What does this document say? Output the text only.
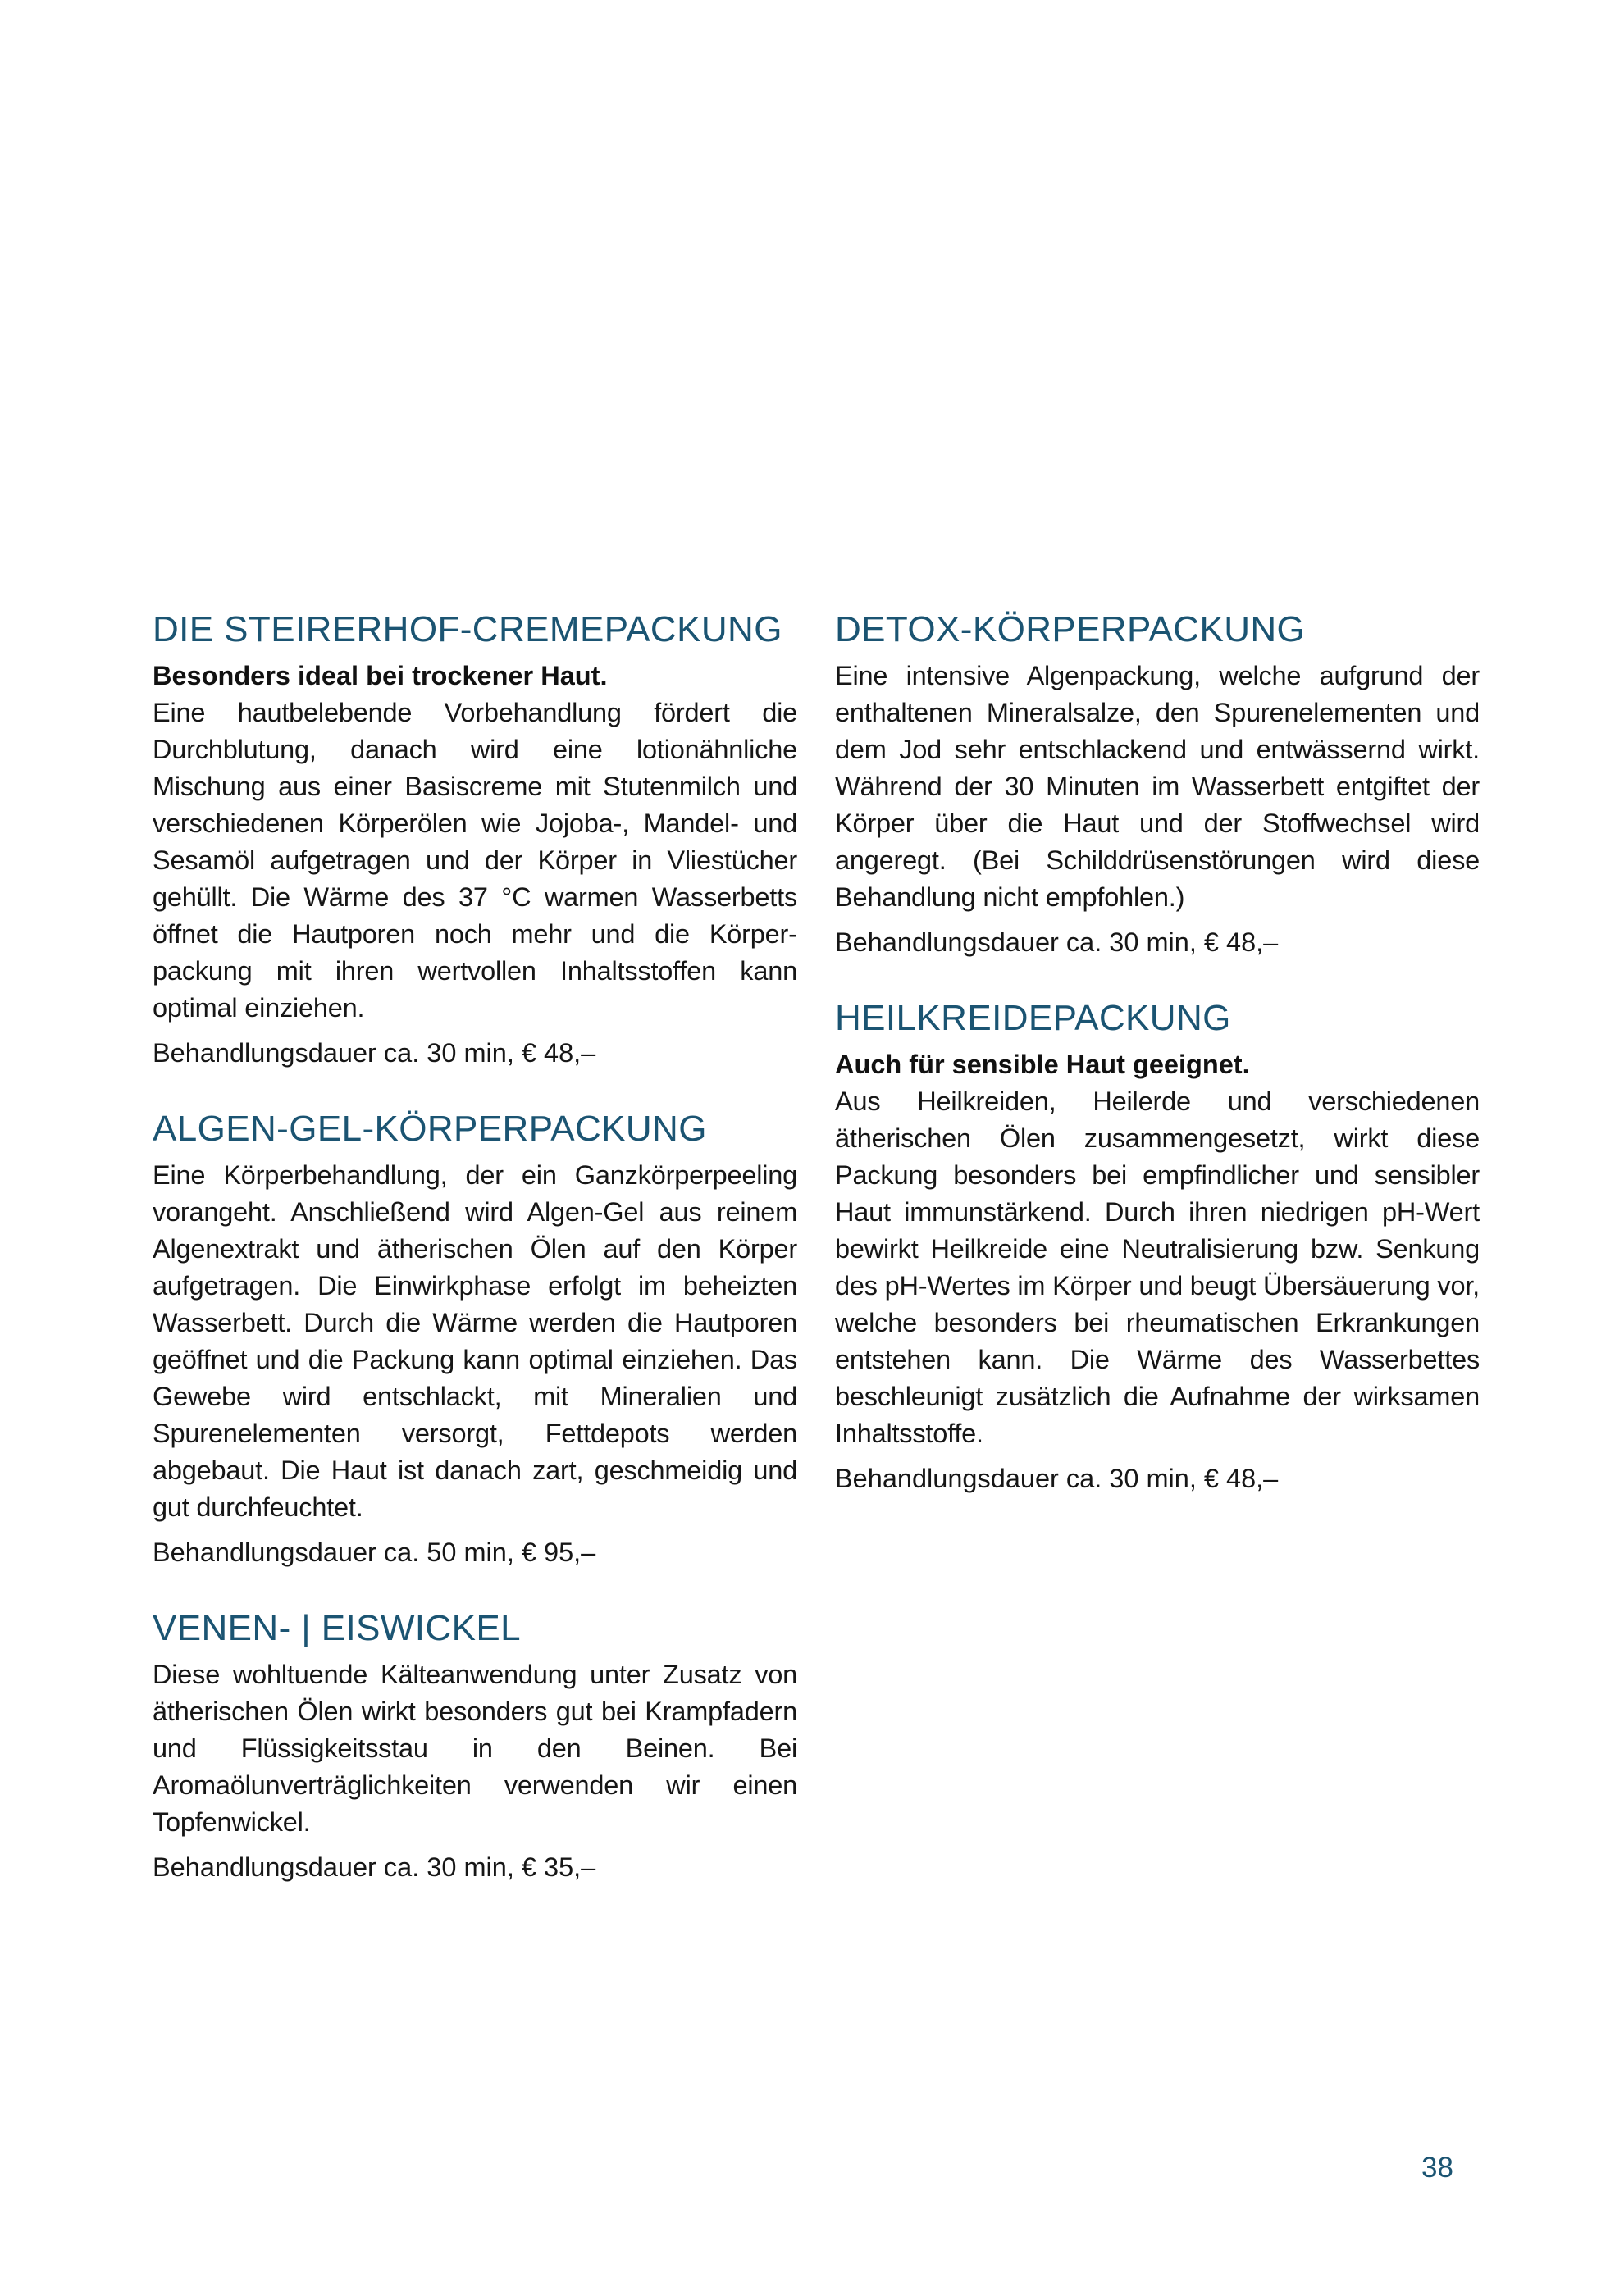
DIE STEIRERHOF-CREMEPACKUNG
Besonders ideal bei trockener Haut.
Eine hautbelebende Vorbehandlung fördert die Durchblutung, danach wird eine lotionähnliche Mischung aus einer Basiscreme mit Stutenmilch und verschiedenen Körperölen wie Jojoba-, Mandel- und Sesamöl aufgetragen und der Körper in Vliestücher gehüllt. Die Wärme des 37 °C warmen Wasserbetts öffnet die Hautporen noch mehr und die Körperpackung mit ihren wertvollen Inhaltsstoffen kann optimal einziehen.
Behandlungsdauer ca. 30 min, € 48,–
ALGEN-GEL-KÖRPERPACKUNG
Eine Körperbehandlung, der ein Ganzkörperpeeling vorangeht. Anschließend wird Algen-Gel aus reinem Algenextrakt und ätherischen Ölen auf den Körper aufgetragen. Die Einwirkphase erfolgt im beheizten Wasserbett. Durch die Wärme werden die Hautporen geöffnet und die Packung kann optimal einziehen. Das Gewebe wird entschlackt, mit Mineralien und Spurenelementen versorgt, Fettdepots werden abgebaut. Die Haut ist danach zart, geschmeidig und gut durchfeuchtet.
Behandlungsdauer ca. 50 min, € 95,–
VENEN- | EISWICKEL
Diese wohltuende Kälteanwendung unter Zusatz von ätherischen Ölen wirkt besonders gut bei Krampfadern und Flüssigkeitsstau in den Beinen. Bei Aromaölunverträglichkeiten verwenden wir einen Topfenwickel.
Behandlungsdauer ca. 30 min, € 35,–
DETOX-KÖRPERPACKUNG
Eine intensive Algenpackung, welche aufgrund der enthaltenen Mineralsalze, den Spurenelementen und dem Jod sehr entschlackend und entwässernd wirkt. Während der 30 Minuten im Wasserbett entgiftet der Körper über die Haut und der Stoffwechsel wird angeregt. (Bei Schilddrüsenstörungen wird diese Behandlung nicht empfohlen.)
Behandlungsdauer ca. 30 min, € 48,–
HEILKREIDEPACKUNG
Auch für sensible Haut geeignet.
Aus Heilkreiden, Heilerde und verschiedenen ätherischen Ölen zusammengesetzt, wirkt diese Packung besonders bei empfindlicher und sensibler Haut immunstärkend. Durch ihren niedrigen pH-Wert bewirkt Heilkreide eine Neutralisierung bzw. Senkung des pH-Wertes im Körper und beugt Übersäuerung vor, welche besonders bei rheumatischen Erkrankungen entstehen kann. Die Wärme des Wasserbettes beschleunigt zusätzlich die Aufnahme der wirksamen Inhaltsstoffe.
Behandlungsdauer ca. 30 min, € 48,–
38
